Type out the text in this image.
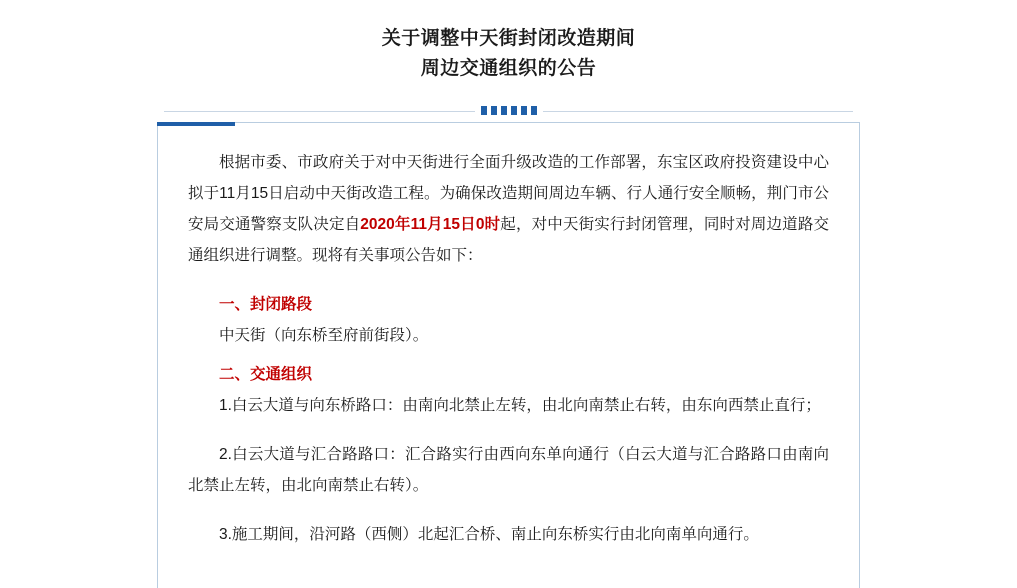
关于调整中天街封闭改造期间
周边交通组织的公告

根据市委、市政府关于对中天街进行全面升级改造的工作部署，东宝区政府投资建设中心拟于11月15日启动中天街改造工程。为确保改造期间周边车辆、行人通行安全顺畅，荆门市公安局交通警察支队决定自2020年11月15日0时起，对中天街实行封闭管理，同时对周边道路交通组织进行调整。现将有关事项公告如下：

一、封闭路段

中天街（向东桥至府前街段）。

二、交通组织

1.白云大道与向东桥路口：由南向北禁止左转，由北向南禁止右转，由东向西禁止直行；

2.白云大道与汇合路路口：汇合路实行由西向东单向通行（白云大道与汇合路路口由南向北禁止左转，由北向南禁止右转）。

3.施工期间，沿河路（西侧）北起汇合桥、南止向东桥实行由北向南单向通行。
